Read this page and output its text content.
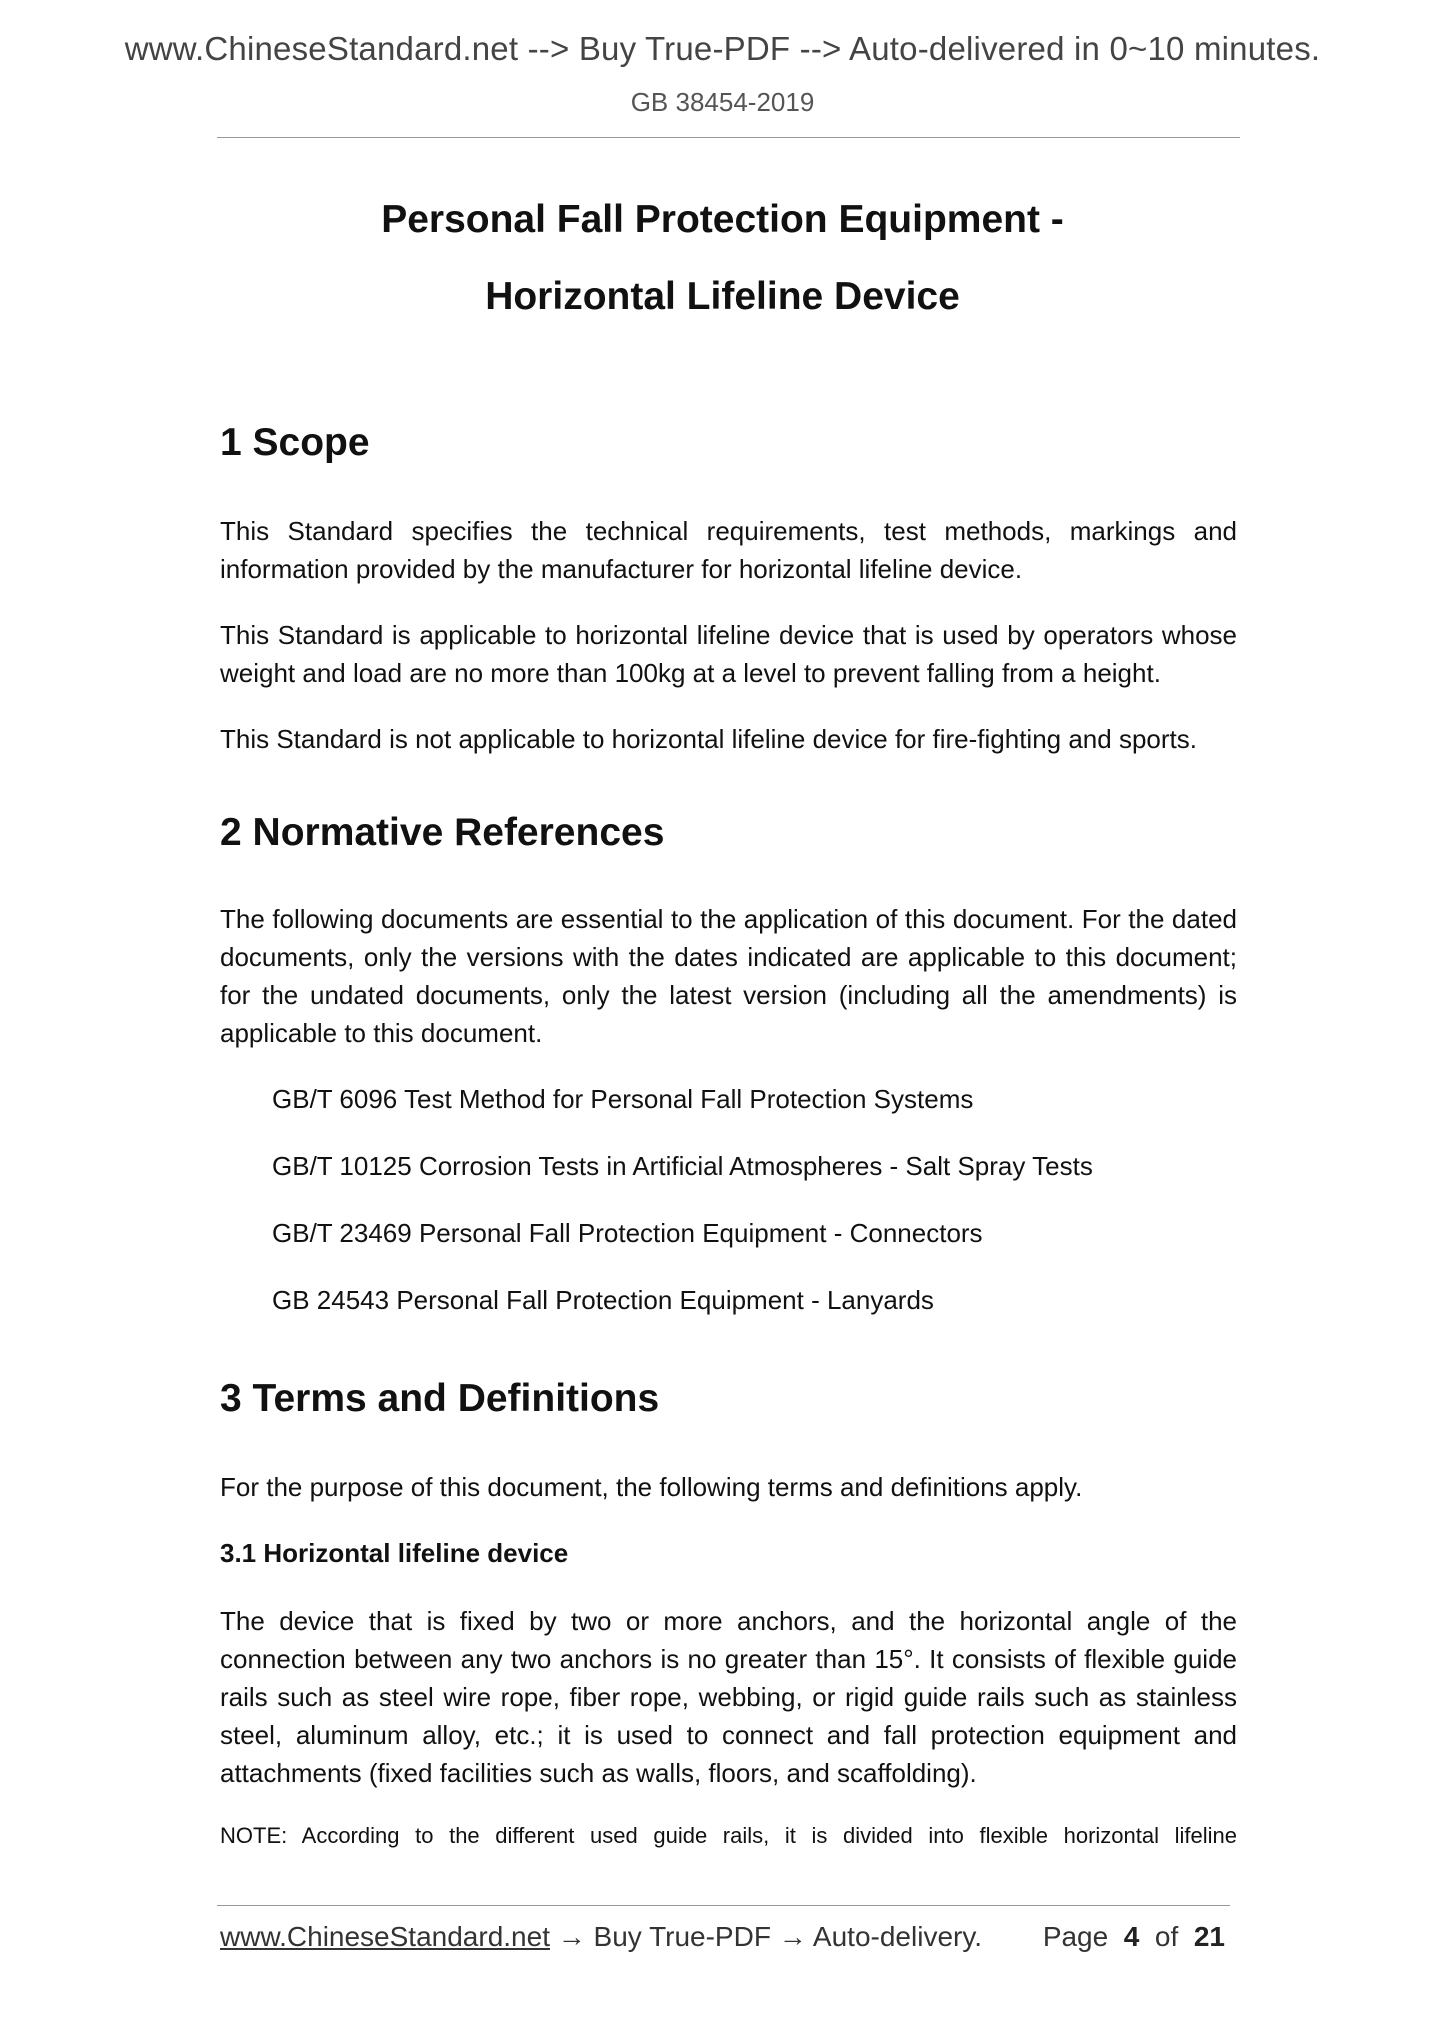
www.ChineseStandard.net --> Buy True-PDF --> Auto-delivered in 0~10 minutes.
GB 38454-2019
Personal Fall Protection Equipment -
Horizontal Lifeline Device
1 Scope

This Standard specifies the technical requirements, test methods, markings and information provided by the manufacturer for horizontal lifeline device.

This Standard is applicable to horizontal lifeline device that is used by operators whose weight and load are no more than 100kg at a level to prevent falling from a height.

This Standard is not applicable to horizontal lifeline device for fire-fighting and sports.

2 Normative References

The following documents are essential to the application of this document. For the dated documents, only the versions with the dates indicated are applicable to this document; for the undated documents, only the latest version (including all the amendments) is applicable to this document.

GB/T 6096 Test Method for Personal Fall Protection Systems
GB/T 10125 Corrosion Tests in Artificial Atmospheres - Salt Spray Tests
GB/T 23469 Personal Fall Protection Equipment - Connectors
GB 24543 Personal Fall Protection Equipment - Lanyards
3 Terms and Definitions

For the purpose of this document, the following terms and definitions apply.

3.1 Horizontal lifeline device

The device that is fixed by two or more anchors, and the horizontal angle of the connection between any two anchors is no greater than 15°. It consists of flexible guide rails such as steel wire rope, fiber rope, webbing, or rigid guide rails such as stainless steel, aluminum alloy, etc.; it is used to connect and fall protection equipment and attachments (fixed facilities such as walls, floors, and scaffolding).

NOTE: According to the different used guide rails, it is divided into flexible horizontal lifeline

www.ChineseStandard.net → Buy True-PDF → Auto-delivery. Page 4 of 21
